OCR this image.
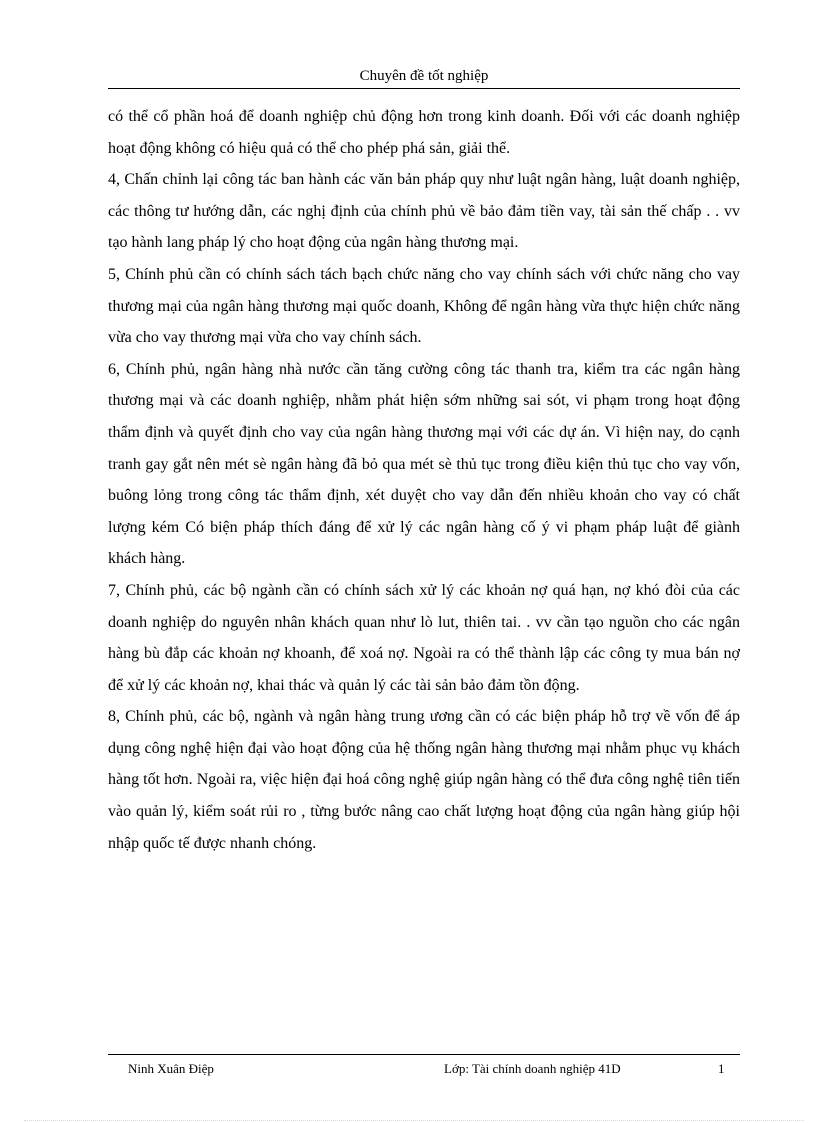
Chuyên đề tốt nghiệp

có thể cổ phần hoá để doanh nghiệp chủ động hơn trong kinh doanh. Đối với các doanh nghiệp hoạt động không có hiệu quả có thể cho phép phá sản, giải thể.

4, Chấn chỉnh lại công tác ban hành các văn bản pháp quy như luật ngân hàng, luật doanh nghiệp, các thông tư hướng dẫn, các nghị định của chính phủ về bảo đảm tiền vay, tài sản thế chấp . . vv tạo hành lang pháp lý cho hoạt động của ngân hàng thương mại.

5, Chính phủ cần có chính sách tách bạch chức năng cho vay chính sách với chức năng cho vay thương mại của ngân hàng thương mại quốc doanh, Không để ngân hàng vừa thực hiện chức năng vừa cho vay thương mại vừa cho vay chính sách.

6, Chính phủ, ngân hàng nhà nước cần tăng cường công tác thanh tra, kiểm tra các ngân hàng thương mại và các doanh nghiệp, nhằm phát hiện sớm những sai sót, vi phạm trong hoạt động thẩm định và quyết định cho vay của ngân hàng thương mại với các dự án. Vì hiện nay, do cạnh tranh gay gắt nên mét sè ngân hàng đã bỏ qua mét sè thủ tục trong điều kiện thủ tục cho vay vốn, buông lỏng trong công tác thẩm định, xét duyệt cho vay dẫn đến nhiều khoản cho vay có chất lượng kém Có biện pháp thích đáng để xử lý các ngân hàng cố ý vi phạm pháp luật để giành khách hàng.

7, Chính phủ, các bộ ngành cần có chính sách xử lý các khoản nợ quá hạn, nợ khó đòi của các doanh nghiệp do nguyên nhân khách quan như lò lut, thiên tai. . vv cần tạo nguồn cho các ngân hàng bù đắp các khoản nợ khoanh, để xoá nợ. Ngoài ra có thể thành lập các công ty mua bán nợ để xử lý các khoản nợ, khai thác và quản lý các tài sản bảo đảm tồn động.

8, Chính phủ, các bộ, ngành và ngân hàng trung ương cần có các biện pháp hỗ trợ về vốn để áp dụng công nghệ hiện đại vào hoạt động của hệ thống ngân hàng thương mại nhằm phục vụ khách hàng tốt hơn. Ngoài ra, việc hiện đại hoá công nghệ giúp ngân hàng có thể đưa công nghệ tiên tiến vào quản lý, kiểm soát rủi ro , từng bước nâng cao chất lượng hoạt động của ngân hàng giúp hội nhập quốc tế được nhanh chóng.

Ninh Xuân Điệp	Lớp: Tài chính doanh nghiệp 41D	1
